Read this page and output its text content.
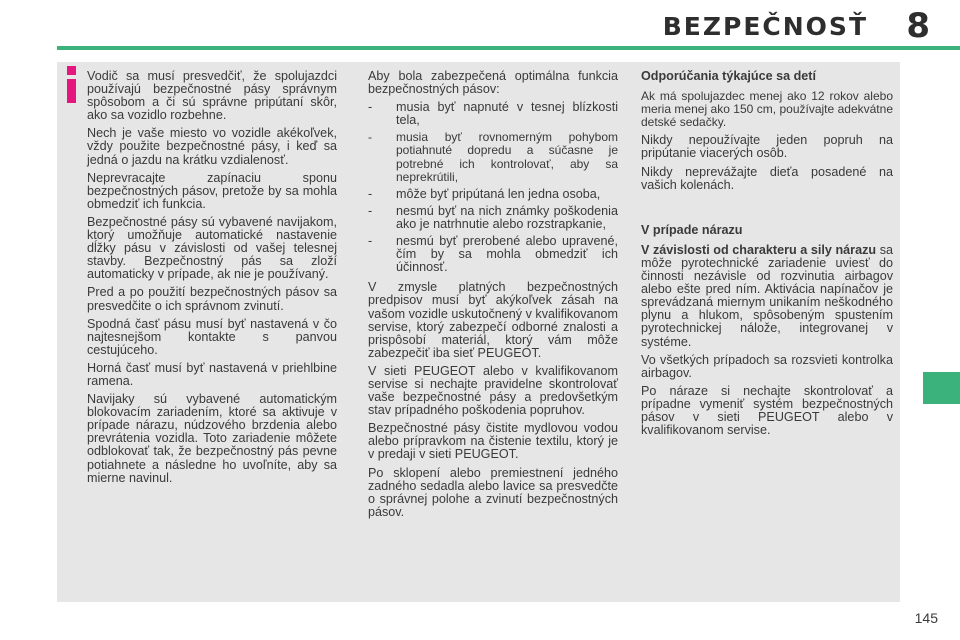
BEZPEČNOSŤ 8

Vodič sa musí presvedčiť, že spolujazdci používajú bezpečnostné pásy správnym spôsobom a či sú správne pripútaní skôr, ako sa vozidlo rozbehne.

Nech je vaše miesto vo vozidle akékoľvek, vždy použite bezpečnostné pásy, i keď sa jedná o jazdu na krátku vzdialenosť.

Neprevracajte zapínaciu sponu bezpečnostných pásov, pretože by sa mohla obmedziť ich funkcia.

Bezpečnostné pásy sú vybavené navijakom, ktorý umožňuje automatické nastavenie dĺžky pásu v závislosti od vašej telesnej stavby. Bezpečnostný pás sa zloží automaticky v prípade, ak nie je používaný.

Pred a po použití bezpečnostných pásov sa presvedčite o ich správnom zvinutí.

Spodná časť pásu musí byť nastavená v čo najtesnejšom kontakte s panvou cestujúceho.

Horná časť musí byť nastavená v priehlbine ramena.

Navijaky sú vybavené automatickým blokovacím zariadením, ktoré sa aktivuje v prípade nárazu, núdzového brzdenia alebo prevrátenia vozidla. Toto zariadenie môžete odblokovať tak, že bezpečnostný pás pevne potiahnete a následne ho uvoľníte, aby sa mierne navinul.

Aby bola zabezpečená optimálna funkcia bezpečnostných pásov:

- musia byť napnuté v tesnej blízkosti tela,
- musia byť rovnomerným pohybom potiahnuté dopredu a súčasne je potrebné ich kontrolovať, aby sa neprekrútili,
- môže byť pripútaná len jedna osoba,
- nesmú byť na nich známky poškodenia ako je natrhnutie alebo rozstrapkanie,
- nesmú byť prerobené alebo upravené, čím by sa mohla obmedziť ich účinnosť.

V zmysle platných bezpečnostných predpisov musí byť akýkoľvek zásah na vašom vozidle uskutočnený v kvalifikovanom servise, ktorý zabezpečí odborné znalosti a prispôsobí materiál, ktorý vám môže zabezpečiť iba sieť PEUGEOT.

V sieti PEUGEOT alebo v kvalifikovanom servise si nechajte pravidelne skontrolovať vaše bezpečnostné pásy a predovšetkým stav prípadného poškodenia popruhov.

Bezpečnostné pásy čistite mydlovou vodou alebo prípravkom na čistenie textilu, ktorý je v predaji v sieti PEUGEOT.

Po sklopení alebo premiestnení jedného zadného sedadla alebo lavice sa presvedčte o správnej polohe a zvinutí bezpečnostných pásov.

Odporúčania týkajúce sa detí

Ak má spolujazdec menej ako 12 rokov alebo meria menej ako 150 cm, používajte adekvátne detské sedačky.

Nikdy nepoužívajte jeden popruh na pripútanie viacerých osôb.

Nikdy neprevážajte dieťa posadené na vašich kolenách.

V prípade nárazu

V závislosti od charakteru a sily nárazu sa môže pyrotechnické zariadenie uviesť do činnosti nezávisle od rozvinutia airbagov alebo ešte pred ním. Aktivácia napínačov je sprevádzaná miernym unikaním neškodného plynu a hlukom, spôsobeným spustením pyrotechnickej nálože, integrovanej v systéme.

Vo všetkých prípadoch sa rozsvieti kontrolka airbagov.

Po náraze si nechajte skontrolovať a prípadne vymeniť systém bezpečnostných pásov v sieti PEUGEOT alebo v kvalifikovanom servise.

145
